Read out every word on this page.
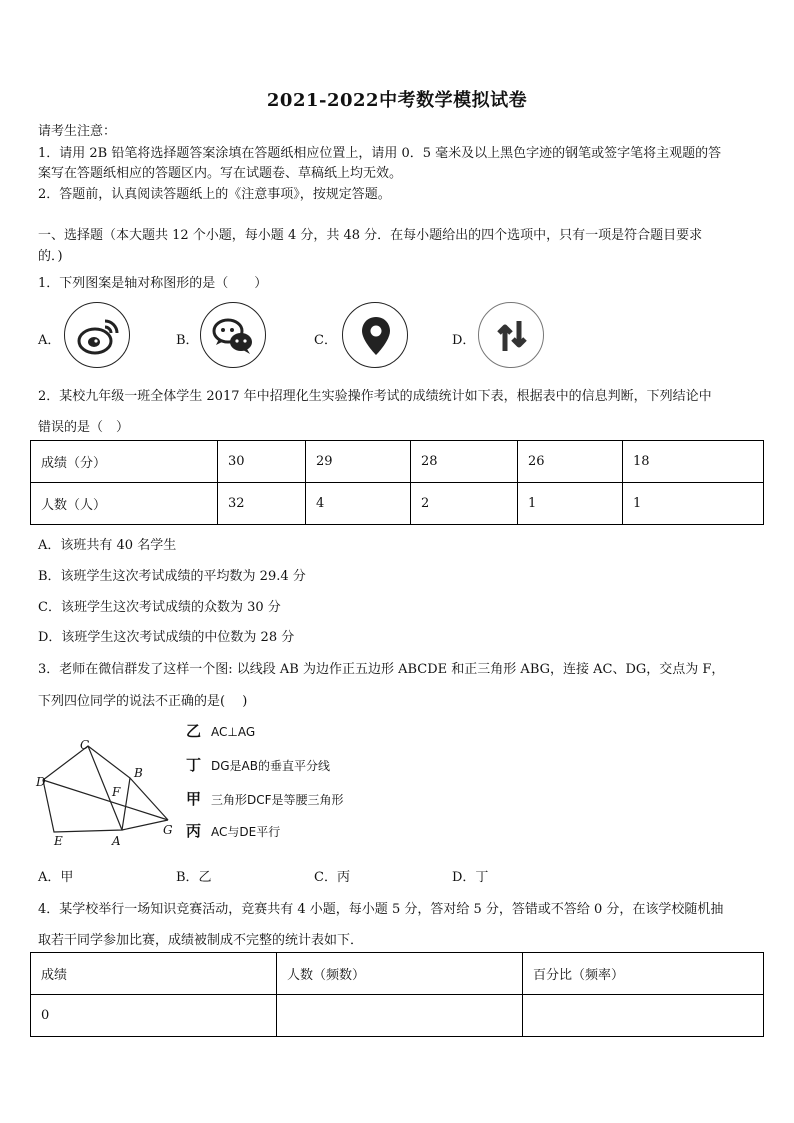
2021-2022中考数学模拟试卷
请考生注意：
1．请用 2B 铅笔将选择题答案涂填在答题纸相应位置上，请用 0．5 毫米及以上黑色字迹的钢笔或签字笔将主观题的答
案写在答题纸相应的答题区内。写在试题卷、草稿纸上均无效。
2．答题前，认真阅读答题纸上的《注意事项》，按规定答题。
一、选择题（本大题共 12 个小题，每小题 4 分，共 48 分．在每小题给出的四个选项中，只有一项是符合题目要求
的．)
1．下列图案是轴对称图形的是（　　）
A．	B．	C．	D．
2．某校九年级一班全体学生 2017 年中招理化生实验操作考试的成绩统计如下表，根据表中的信息判断，下列结论中
错误的是（　）
成绩（分）	30	29	28	26	18
人数（人）	32	4	2	1	1
A．该班共有 40 名学生
B．该班学生这次考试成绩的平均数为 29.4 分
C．该班学生这次考试成绩的众数为 30 分
D．该班学生这次考试成绩的中位数为 28 分
3．老师在微信群发了这样一个图: 以线段 AB 为边作正五边形 ABCDE 和正三角形 ABG，连接 AC、DG，交点为 F，
下列四位同学的说法不正确的是(　 )
C
B
D
F
E	A
G
乙 AC⊥AG
丁 DG是AB的垂直平分线
甲 三角形DCF是等腰三角形
丙 AC与DE平行
A．甲	B．乙	C．丙	D．丁
4．某学校举行一场知识竞赛活动，竞赛共有 4 小题，每小题 5 分，答对给 5 分，答错或不答给 0 分，在该学校随机抽
取若干同学参加比赛，成绩被制成不完整的统计表如下．
成绩	人数（频数）	百分比（频率）
0		
